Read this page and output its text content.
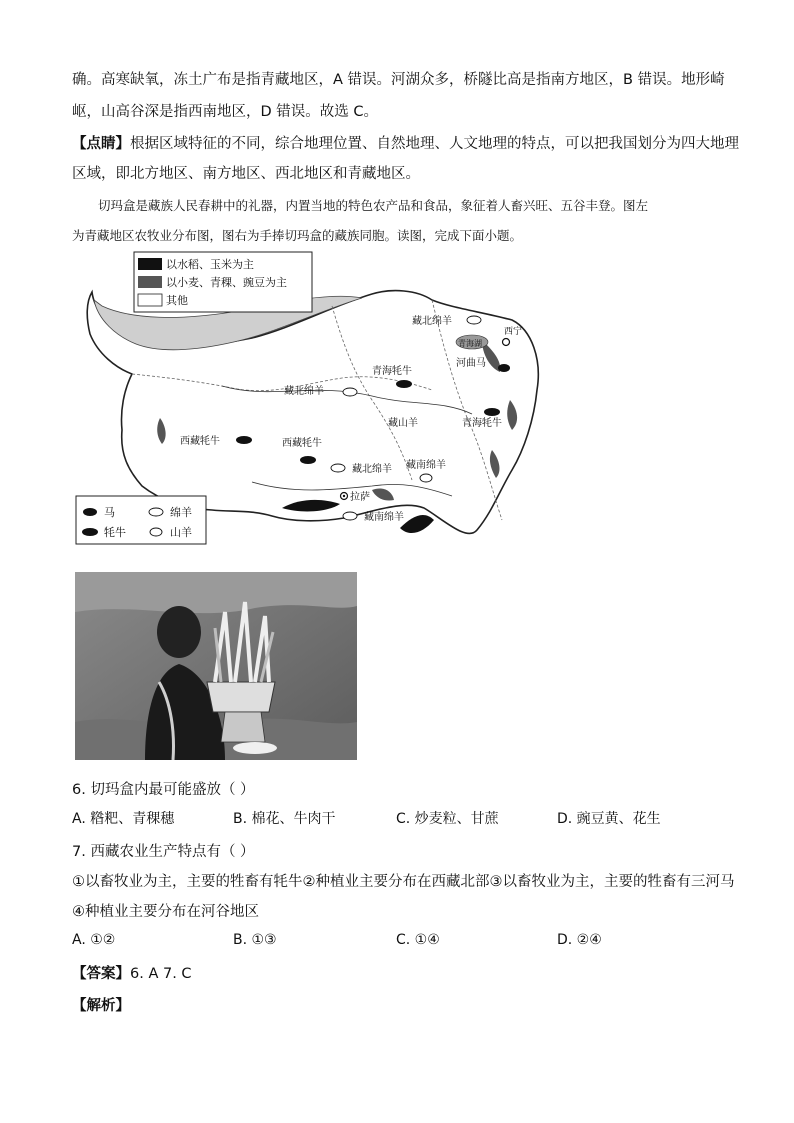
确。高寒缺氧，冻土广布是指青藏地区，A 错误。河湖众多，桥隧比高是指南方地区，B 错误。地形崎
岖，山高谷深是指西南地区，D 错误。故选 C。
【点睛】根据区域特征的不同，综合地理位置、自然地理、人文地理的特点，可以把我国划分为四大地理
区域，即北方地区、南方地区、西北地区和青藏地区。
切玛盒是藏族人民春耕中的礼器，内置当地的特色农产品和食品，象征着人畜兴旺、五谷丰登。图左
为青藏地区农牧业分布图，图右为手捧切玛盒的藏族同胞。读图，完成下面小题。
藏北绵羊
西宁
青海湖
河曲马
青海牦牛
藏北绵羊
藏山羊	青海牦牛
西藏牦牛	西藏牦牛
藏北绵羊 藏南绵羊
拉萨
藏南绵羊
以水稻、玉米为主
以小麦、青稞、豌豆为主
其他
马	绵羊
牦牛	山羊
6. 切玛盒内最可能盛放（ ）
A. 糌粑、青稞穗	B. 棉花、牛肉干	C. 炒麦粒、甘蔗	D. 豌豆黄、花生
7. 西藏农业生产特点有（ ）
①以畜牧业为主，主要的牲畜有牦牛②种植业主要分布在西藏北部③以畜牧业为主，主要的牲畜有三河马
④种植业主要分布在河谷地区
A. ①②	B. ①③	C. ①④	D. ②④
【答案】6. A 7. C
【解析】
